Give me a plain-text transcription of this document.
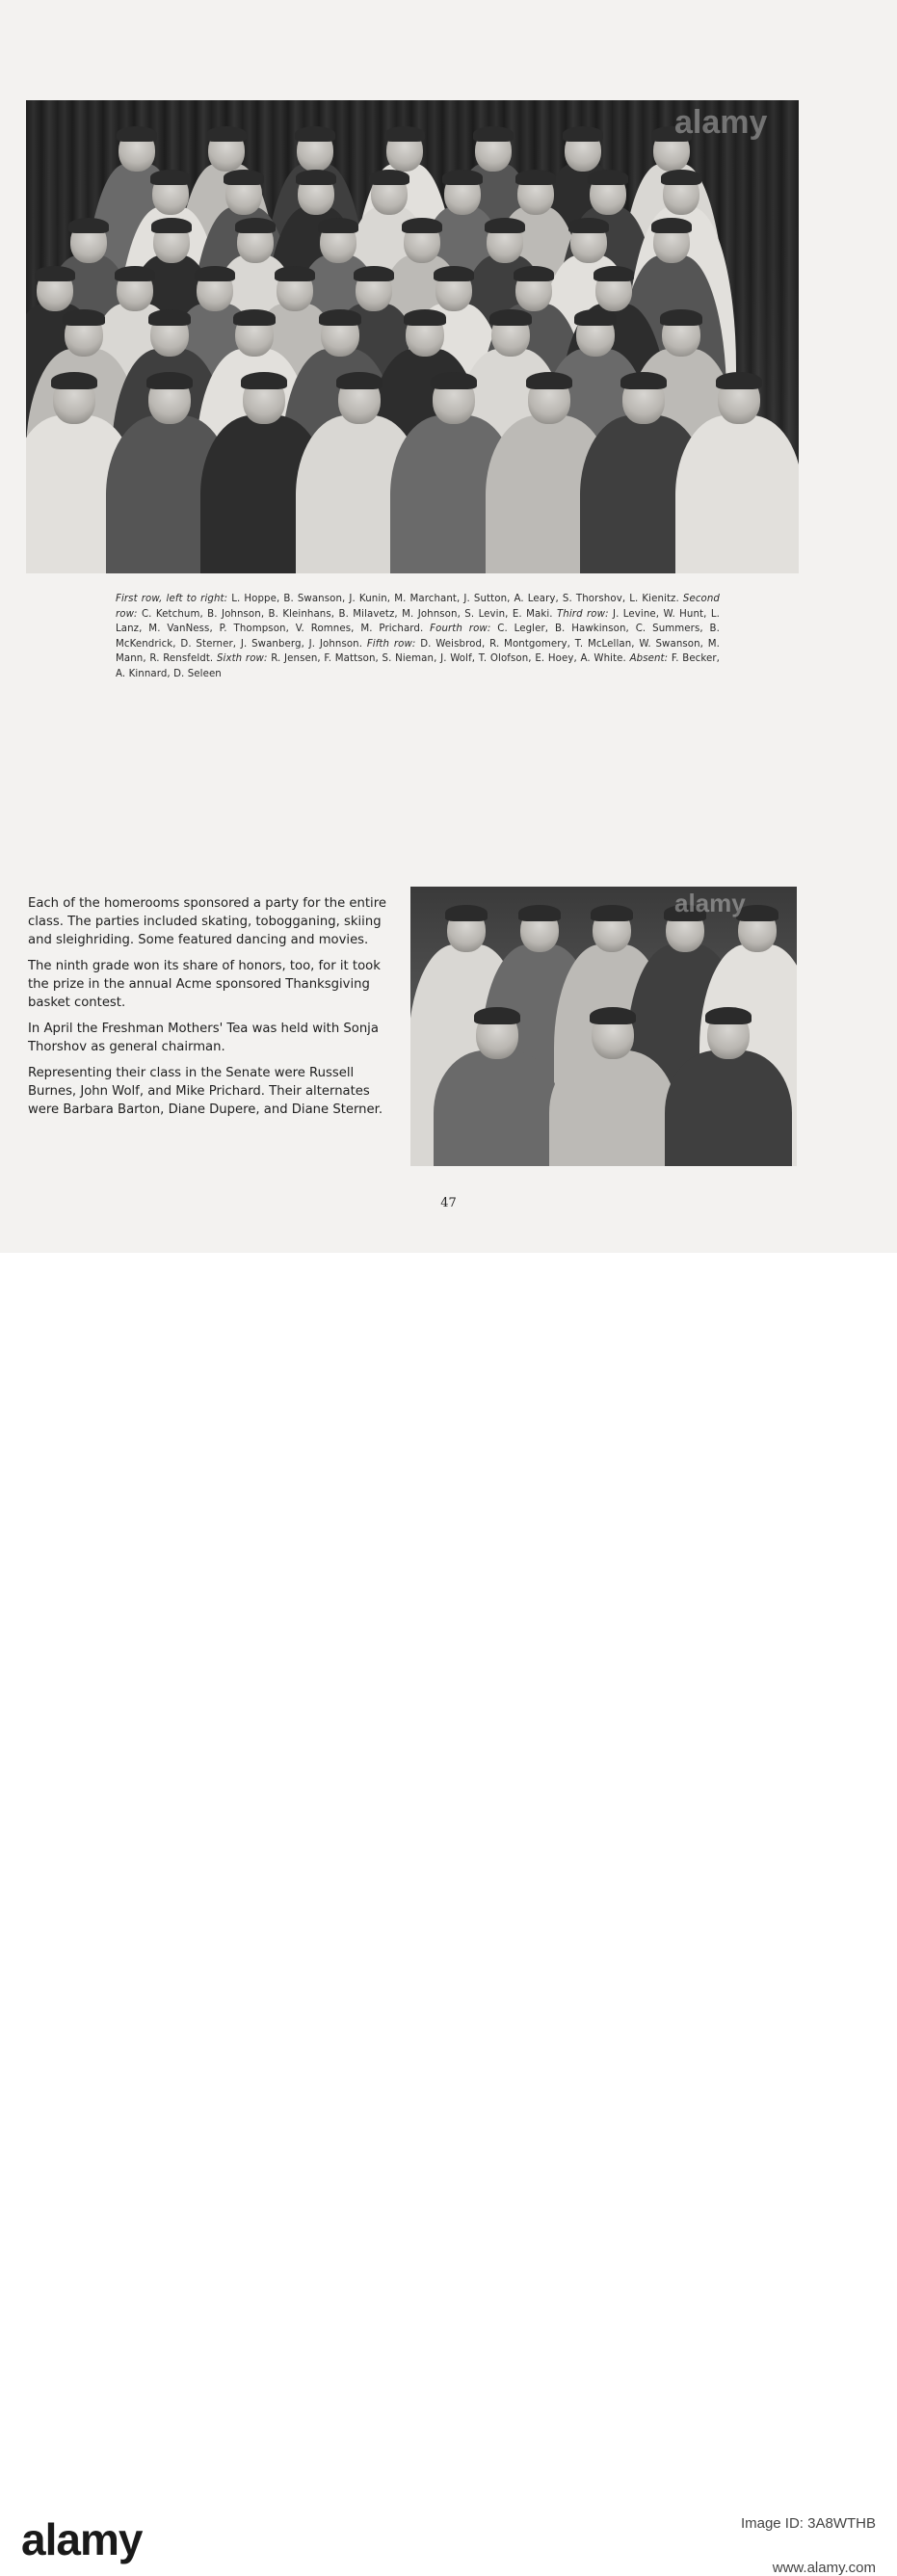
alamy
First row, left to right: L. Hoppe, B. Swanson, J. Kunin, M. Marchant, J. Sutton, A. Leary, S. Thorshov, L. Kienitz. Second row: C. Ketchum, B. Johnson, B. Kleinhans, B. Milavetz, M. Johnson, S. Levin, E. Maki. Third row: J. Levine, W. Hunt, L. Lanz, M. VanNess, P. Thompson, V. Romnes, M. Prichard. Fourth row: C. Legler, B. Hawkinson, C. Summers, B. McKendrick, D. Sterner, J. Swanberg, J. Johnson. Fifth row: D. Weisbrod, R. Montgomery, T. McLellan, W. Swanson, M. Mann, R. Rensfeldt. Sixth row: R. Jensen, F. Mattson, S. Nieman, J. Wolf, T. Olofson, E. Hoey, A. White. Absent: F. Becker, A. Kinnard, D. Seleen
alamy

Each of the homerooms sponsored a party for the entire class. The parties included skating, tobogganing, skiing and sleighriding. Some featured dancing and movies.

The ninth grade won its share of honors, too, for it took the prize in the annual Acme sponsored Thanksgiving basket contest.

In April the Freshman Mothers' Tea was held with Sonja Thorshov as general chairman.

Representing their class in the Senate were Russell Burnes, John Wolf, and Mike Prichard. Their alternates were Barbara Barton, Diane Dupere, and Diane Sterner.

47
alamy	Image ID: 3A8WTHB
www.alamy.com
